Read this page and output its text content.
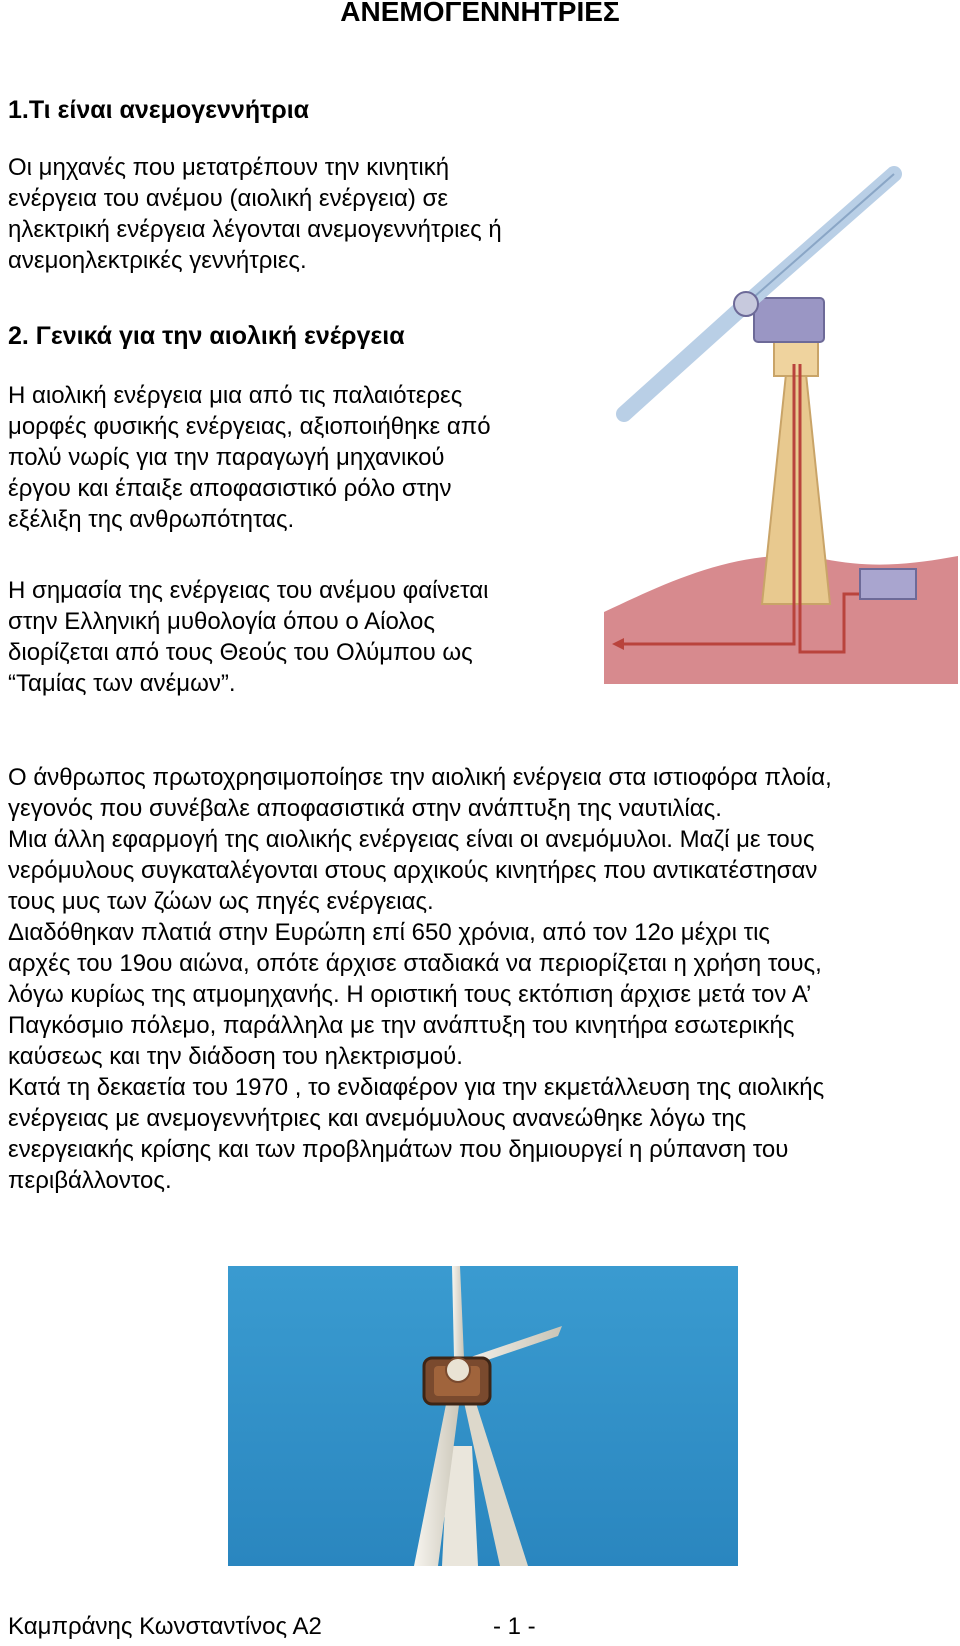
ΑΝΕΜΟΓΕΝΝΗΤΡΙΕΣ
1.Τι είναι ανεμογεννήτρια

Οι μηχανές που μετατρέπουν την κινητική
ενέργεια του ανέμου (αιολική ενέργεια) σε
ηλεκτρική ενέργεια λέγονται ανεμογεννήτριες ή
ανεμοηλεκτρικές γεννήτριες.

2. Γενικά για την αιολική ενέργεια

Η αιολική ενέργεια μια από τις παλαιότερες
μορφές φυσικής ενέργειας, αξιοποιήθηκε από
πολύ νωρίς για την παραγωγή μηχανικού
έργου και έπαιξε αποφασιστικό ρόλο στην
εξέλιξη της ανθρωπότητας.

Η σημασία της ενέργειας του ανέμου φαίνεται
στην Ελληνική μυθολογία όπου ο Αίολος
διορίζεται από τους Θεούς του Ολύμπου ως
“Ταμίας των ανέμων”.

Ο άνθρωπος πρωτοχρησιμοποίησε την αιολική ενέργεια στα ιστιοφόρα πλοία,
γεγονός που συνέβαλε αποφασιστικά στην ανάπτυξη της ναυτιλίας.
Μια άλλη εφαρμογή της αιολικής ενέργειας είναι οι ανεμόμυλοι. Μαζί με τους
νερόμυλους συγκαταλέγονται στους αρχικούς κινητήρες που αντικατέστησαν
τους μυς των ζώων ως πηγές ενέργειας.
Διαδόθηκαν πλατιά στην Ευρώπη επί 650 χρόνια, από τον 12ο μέχρι τις
αρχές του 19ου αιώνα, οπότε άρχισε σταδιακά να περιορίζεται η χρήση τους,
λόγω κυρίως της ατμομηχανής. Η οριστική τους εκτόπιση άρχισε μετά τον Α’
Παγκόσμιο πόλεμο, παράλληλα με την ανάπτυξη του κινητήρα εσωτερικής
καύσεως και την διάδοση του ηλεκτρισμού.
Κατά τη δεκαετία του 1970 , το ενδιαφέρον για την εκμετάλλευση της αιολικής
ενέργειας με ανεμογεννήτριες και ανεμόμυλους ανανεώθηκε λόγω της
ενεργειακής κρίσης και των προβλημάτων που δημιουργεί η ρύπανση του
περιβάλλοντος.

Καμπράνης Κωνσταντίνος Α2	- 1 -
